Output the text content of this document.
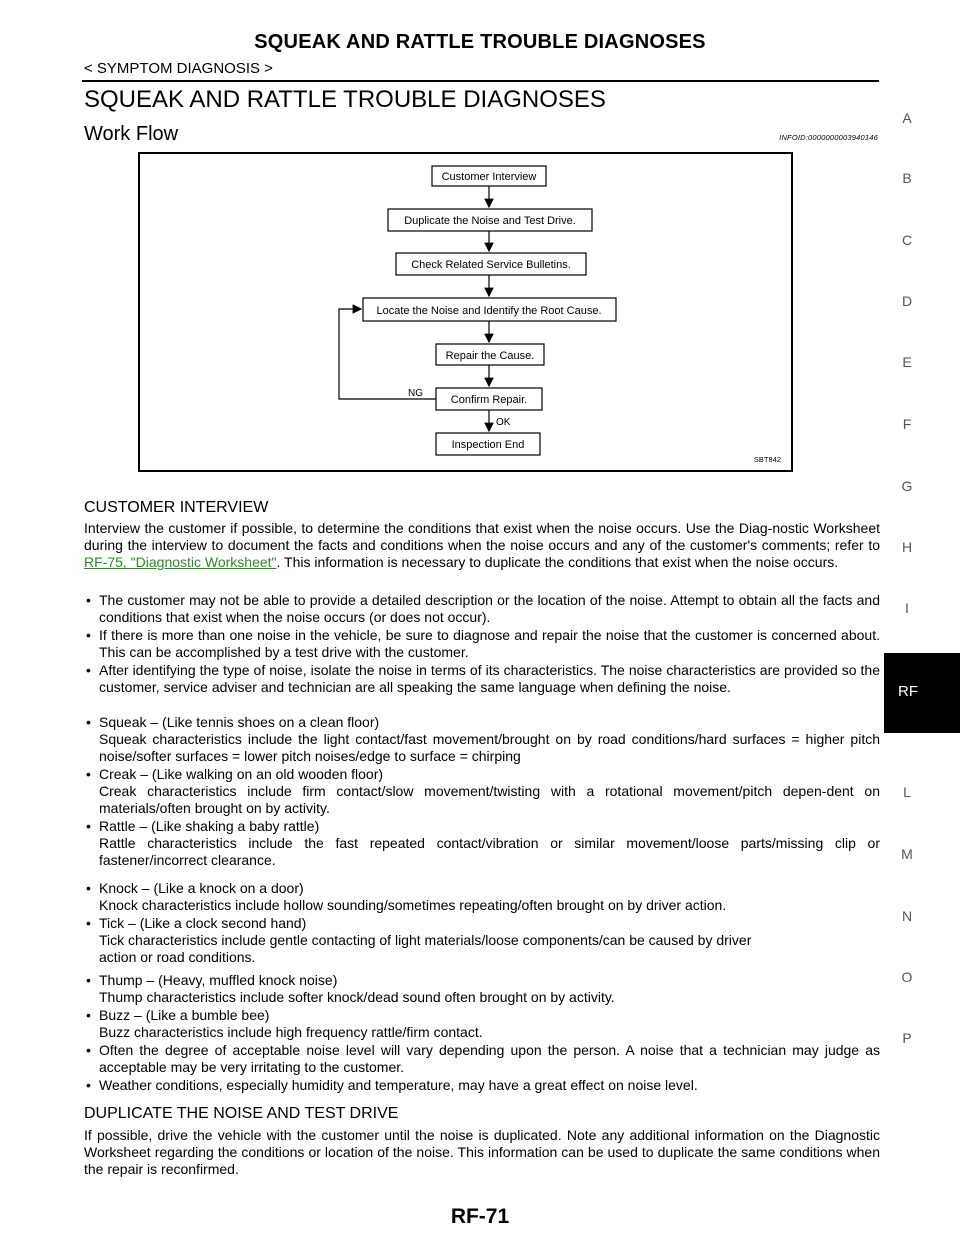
SQUEAK AND RATTLE TROUBLE DIAGNOSES
< SYMPTOM DIAGNOSIS >
SQUEAK AND RATTLE TROUBLE DIAGNOSES
Work Flow	INFOID:0000000003940146
Customer Interview
Duplicate the Noise and Test Drive.
Check Related Service Bulletins.
Locate the Noise and Identify the Root Cause.
Repair the Cause.
Confirm Repair.
NG
OK
Inspection End
SBT842
CUSTOMER INTERVIEW
Interview the customer if possible, to determine the conditions that exist when the noise occurs. Use the Diag-nostic Worksheet during the interview to document the facts and conditions when the noise occurs and any of the customer's comments; refer to RF-75, "Diagnostic Worksheet". This information is necessary to duplicate the conditions that exist when the noise occurs.
• The customer may not be able to provide a detailed description or the location of the noise. Attempt to obtain all the facts and conditions that exist when the noise occurs (or does not occur).
• If there is more than one noise in the vehicle, be sure to diagnose and repair the noise that the customer is concerned about. This can be accomplished by a test drive with the customer.
• After identifying the type of noise, isolate the noise in terms of its characteristics. The noise characteristics are provided so the customer, service adviser and technician are all speaking the same language when defining the noise.
• Squeak – (Like tennis shoes on a clean floor)
Squeak characteristics include the light contact/fast movement/brought on by road conditions/hard surfaces = higher pitch noise/softer surfaces = lower pitch noises/edge to surface = chirping
• Creak – (Like walking on an old wooden floor)
Creak characteristics include firm contact/slow movement/twisting with a rotational movement/pitch depen-dent on materials/often brought on by activity.
• Rattle – (Like shaking a baby rattle)
Rattle characteristics include the fast repeated contact/vibration or similar movement/loose parts/missing clip or fastener/incorrect clearance.
• Knock – (Like a knock on a door)
Knock characteristics include hollow sounding/sometimes repeating/often brought on by driver action.
• Tick – (Like a clock second hand)
Tick characteristics include gentle contacting of light materials/loose components/can be caused by driver
action or road conditions.
• Thump – (Heavy, muffled knock noise)
Thump characteristics include softer knock/dead sound often brought on by activity.
• Buzz – (Like a bumble bee)
Buzz characteristics include high frequency rattle/firm contact.
• Often the degree of acceptable noise level will vary depending upon the person. A noise that a technician may judge as acceptable may be very irritating to the customer.
• Weather conditions, especially humidity and temperature, may have a great effect on noise level.
DUPLICATE THE NOISE AND TEST DRIVE
If possible, drive the vehicle with the customer until the noise is duplicated. Note any additional information on the Diagnostic Worksheet regarding the conditions or location of the noise. This information can be used to duplicate the same conditions when the repair is reconfirmed.
A
B
C
D
E
F
G
H
I
L
M
N
O
P
RF
RF-71
